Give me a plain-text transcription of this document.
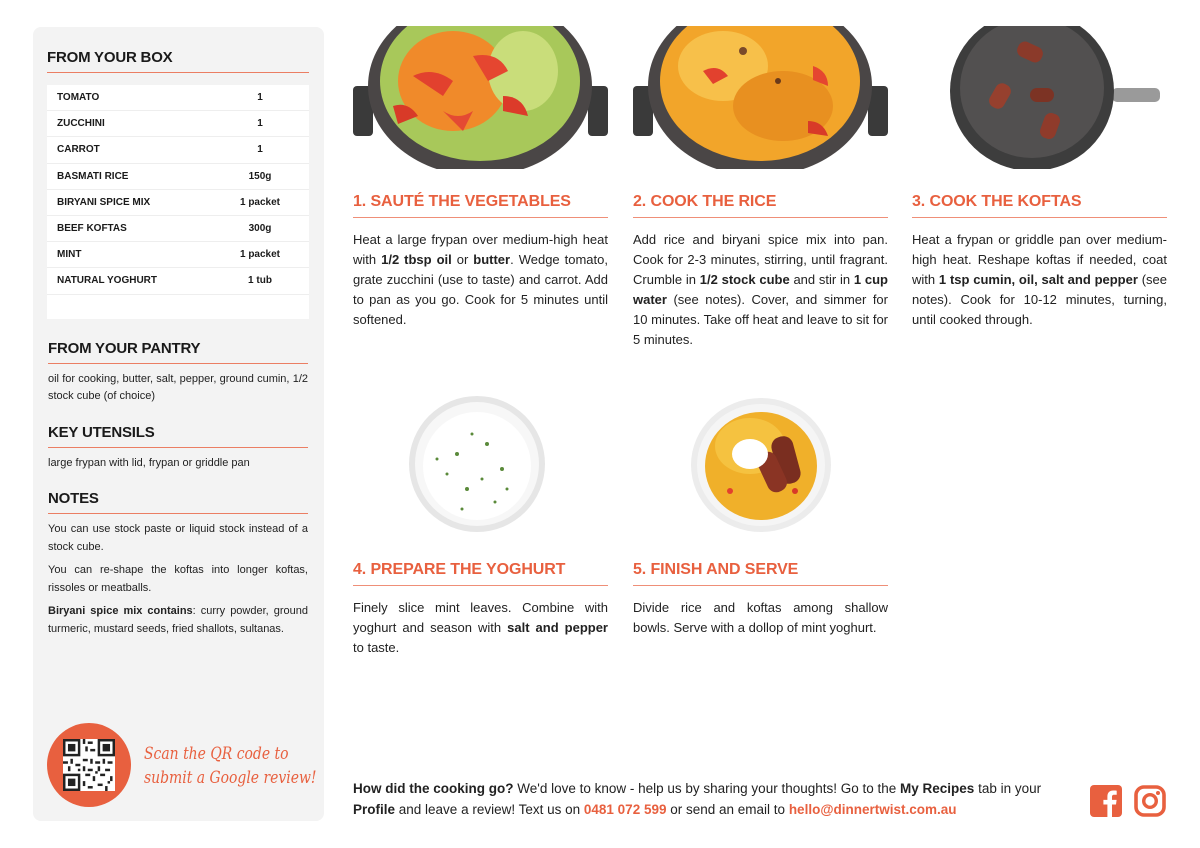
FROM YOUR BOX
TOMATO	1
ZUCCHINI	1
CARROT	1
BASMATI RICE	150g
BIRYANI SPICE MIX	1 packet
BEEF KOFTAS	300g
MINT	1 packet
NATURAL YOGHURT	1 tub
FROM YOUR PANTRY
oil for cooking, butter, salt, pepper, ground cumin, 1/2 stock cube (of choice)
KEY UTENSILS
large frypan with lid, frypan or griddle pan
NOTES

You can use stock paste or liquid stock instead of a stock cube.

You can re-shape the koftas into longer koftas, rissoles or meatballs.

Biryani spice mix contains: curry powder, ground turmeric, mustard seeds, fried shallots, sultanas.

Scan the QR code to
submit a Google review!
1. SAUTÉ THE VEGETABLES

Heat a large frypan over medium-high heat with 1/2 tbsp oil or butter. Wedge tomato, grate zucchini (use to taste) and carrot. Add to pan as you go. Cook for 5 minutes until softened.

2. COOK THE RICE

Add rice and biryani spice mix into pan. Cook for 2-3 minutes, stirring, until fragrant. Crumble in 1/2 stock cube and stir in 1 cup water (see notes). Cover, and simmer for 10 minutes. Take off heat and leave to sit for 5 minutes.

3. COOK THE KOFTAS

Heat a frypan or griddle pan over medium-high heat. Reshape koftas if needed, coat with 1 tsp cumin, oil, salt and pepper (see notes). Cook for 10-12 minutes, turning, until cooked through.

4. PREPARE THE YOGHURT

Finely slice mint leaves. Combine with yoghurt and season with salt and pepper to taste.

5. FINISH AND SERVE

Divide rice and koftas among shallow bowls. Serve with a dollop of mint yoghurt.

How did the cooking go? We'd love to know - help us by sharing your thoughts! Go to the My Recipes tab in your Profile and leave a review! Text us on 0481 072 599 or send an email to hello@dinnertwist.com.au
